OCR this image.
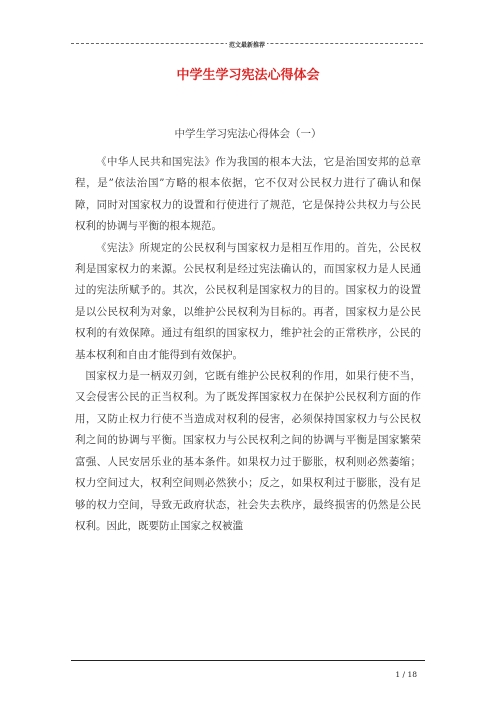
范文最新推荐
中学生学习宪法心得体会
中学生学习宪法心得体会（一）

《中华人民共和国宪法》作为我国的根本大法，它是治国安邦的总章程，是”依法治国”方略的根本依据，它不仅对公民权力进行了确认和保障，同时对国家权力的设置和行使进行了规范，它是保持公共权力与公民权利的协调与平衡的根本规范。

《宪法》所规定的公民权利与国家权力是相互作用的。首先，公民权利是国家权力的来源。公民权利是经过宪法确认的，而国家权力是人民通过的宪法所赋予的。其次，公民权利是国家权力的目的。国家权力的设置是以公民权利为对象，以维护公民权利为目标的。再者，国家权力是公民权利的有效保障。通过有组织的国家权力，维护社会的正常秩序，公民的基本权利和自由才能得到有效保护。

国家权力是一柄双刃剑，它既有维护公民权利的作用，如果行使不当，又会侵害公民的正当权利。为了既发挥国家权力在保护公民权利方面的作用，又防止权力行使不当造成对权利的侵害，必须保持国家权力与公民权利之间的协调与平衡。国家权力与公民权利之间的协调与平衡是国家繁荣富强、人民安居乐业的基本条件。如果权力过于膨胀，权利则必然萎缩；权力空间过大，权利空间则必然狭小；反之，如果权利过于膨胀，没有足够的权力空间，导致无政府状态，社会失去秩序，最终损害的仍然是公民权利。因此，既要防止国家之权被滥

1 / 18
